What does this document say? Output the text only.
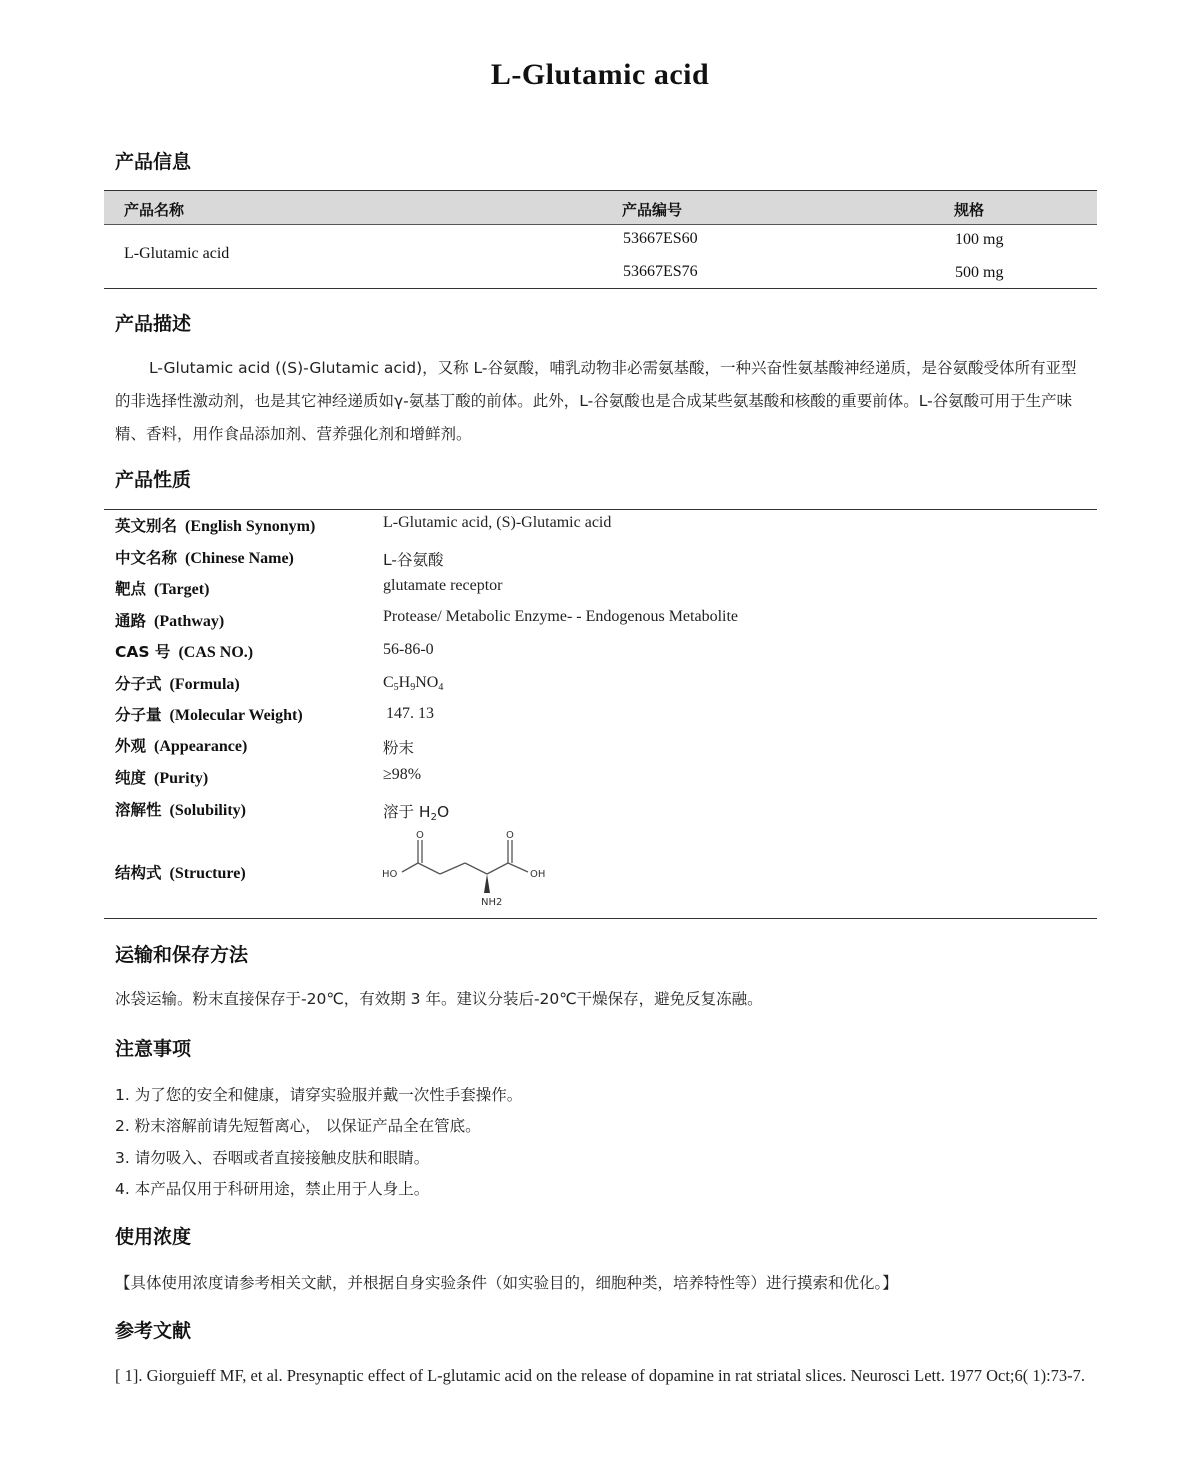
L-Glutamic acid
产品信息
产品名称	产品编号	规格
L-Glutamic acid
53667ES60	100 mg
53667ES76	500 mg
产品描述

L-Glutamic acid ((S)-Glutamic acid)，又称 L-谷氨酸，哺乳动物非必需氨基酸，一种兴奋性氨基酸神经递质，是谷氨酸受体所有亚型的非选择性激动剂，也是其它神经递质如γ-氨基丁酸的前体。此外，L-谷氨酸也是合成某些氨基酸和核酸的重要前体。L-谷氨酸可用于生产味精、香料，用作食品添加剂、营养强化剂和增鲜剂。

产品性质
英文别名 (English Synonym)	L-Glutamic acid, (S)-Glutamic acid
中文名称 (Chinese Name)	L-谷氨酸
靶点 (Target)	glutamate receptor
通路 (Pathway)	Protease/ Metabolic Enzyme- - Endogenous Metabolite
CAS 号 (CAS NO.)	56-86-0
分子式 (Formula)	$C_5H_9NO_4$
分子量 (Molecular Weight)	147. 13
外观 (Appearance)	粉末
纯度 (Purity)	≥98%
溶解性 (Solubility)	溶于 $H_2O$
结构式 (Structure)
O	O
HO	OH
NH2
运输和保存方法
冰袋运输。粉末直接保存于-20℃，有效期 3 年。建议分装后-20℃干燥保存，避免反复冻融。
注意事项
1. 为了您的安全和健康，请穿实验服并戴一次性手套操作。
2. 粉末溶解前请先短暂离心， 以保证产品全在管底。
3. 请勿吸入、吞咽或者直接接触皮肤和眼睛。
4. 本产品仅用于科研用途，禁止用于人身上。
使用浓度
【具体使用浓度请参考相关文献，并根据自身实验条件（如实验目的，细胞种类，培养特性等）进行摸索和优化。】
参考文献

[ 1]. Giorguieff MF, et al. Presynaptic effect of L-glutamic acid on the release of dopamine in rat striatal slices. Neurosci Lett. 1977 Oct;6( 1):73-7.
